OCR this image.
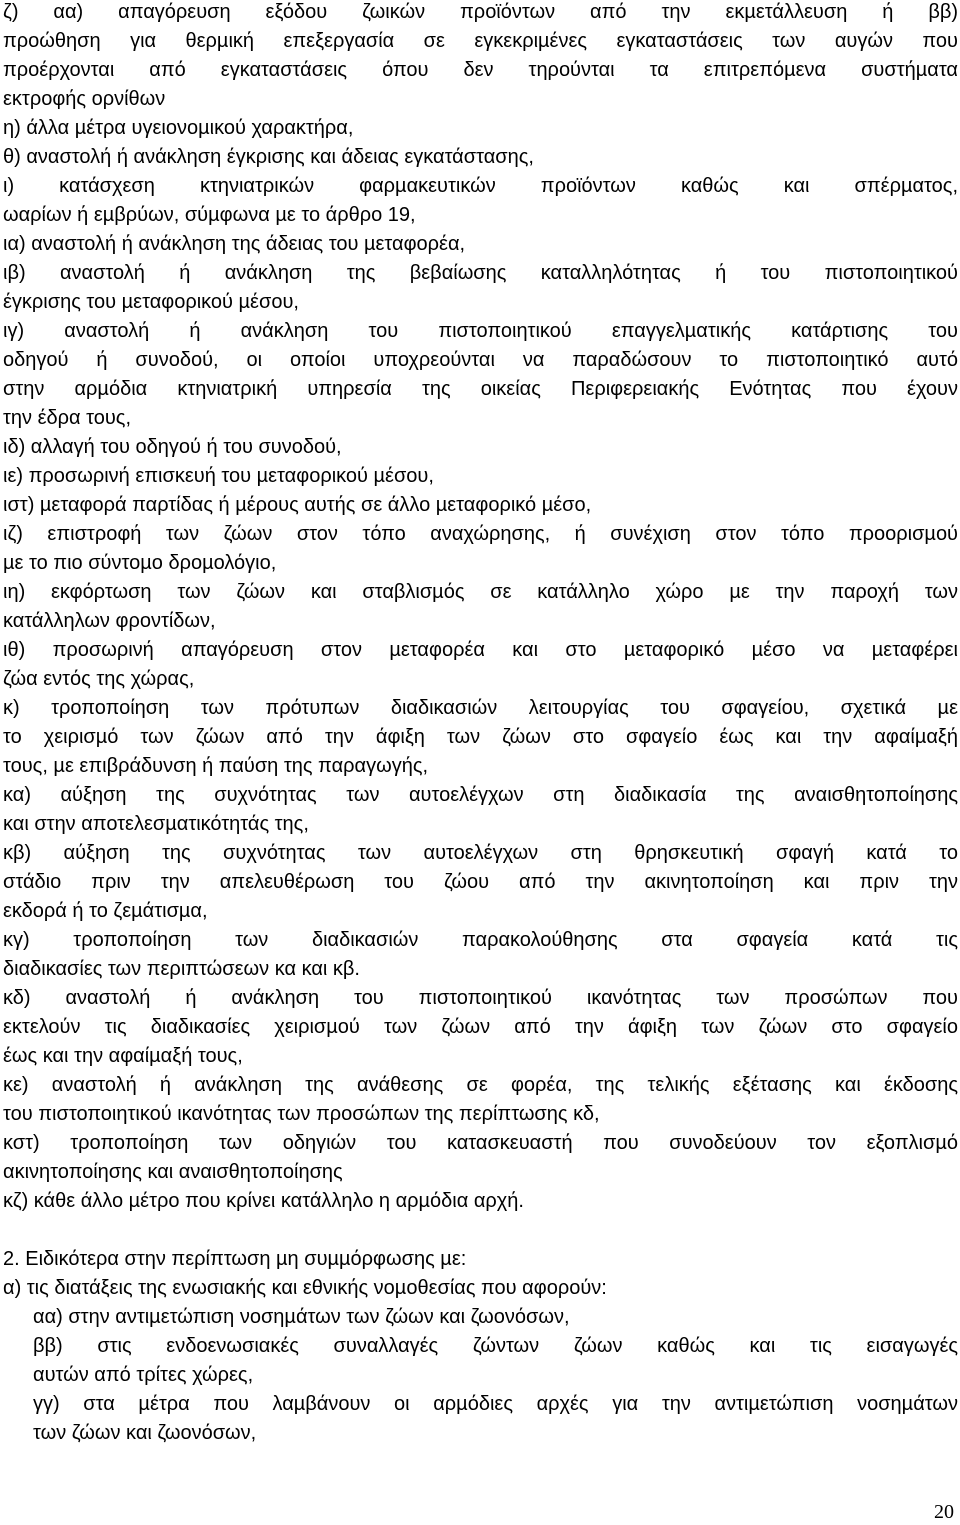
ζ) αα) απαγόρευση εξόδου ζωικών προϊόντων από την εκµετάλλευση ή ββ)
προώθηση για θερµική επεξεργασία σε εγκεκριµένες εγκαταστάσεις των αυγών που
προέρχονται από εγκαταστάσεις όπου δεν τηρούνται τα επιτρεπόµενα συστήµατα
εκτροφής ορνίθων
η) άλλα µέτρα υγειονοµικού χαρακτήρα,
θ) αναστολή ή ανάκληση έγκρισης και άδειας εγκατάστασης,
ι) κατάσχεση κτηνιατρικών φαρµακευτικών προϊόντων καθώς και σπέρµατος,
ωαρίων ή εµβρύων, σύµφωνα µε το άρθρο 19,
ια) αναστολή ή ανάκληση της άδειας του µεταφορέα,
ιβ) αναστολή ή ανάκληση της βεβαίωσης καταλληλότητας ή του πιστοποιητικού
έγκρισης του µεταφορικού µέσου,
ιγ) αναστολή ή ανάκληση του πιστοποιητικού επαγγελµατικής κατάρτισης του
οδηγού ή συνοδού, οι οποίοι υποχρεούνται να παραδώσουν το πιστοποιητικό αυτό
στην αρµόδια κτηνιατρική υπηρεσία της οικείας Περιφερειακής Ενότητας που έχουν
την έδρα τους,
ιδ) αλλαγή του οδηγού ή του συνοδού,
ιε) προσωρινή επισκευή του µεταφορικού µέσου,
ιστ) µεταφορά παρτίδας ή µέρους αυτής σε άλλο µεταφορικό µέσο,
ιζ) επιστροφή των ζώων στον τόπο αναχώρησης, ή συνέχιση στον τόπο προορισµού
µε το πιο σύντοµο δροµολόγιο,
ιη) εκφόρτωση των ζώων και σταβλισµός σε κατάλληλο χώρο µε την παροχή των
κατάλληλων φροντίδων,
ιθ) προσωρινή απαγόρευση στον µεταφορέα και στο µεταφορικό µέσο να µεταφέρει
ζώα εντός της χώρας,
κ) τροποποίηση των πρότυπων διαδικασιών λειτουργίας του σφαγείου, σχετικά µε
το χειρισµό των ζώων από την άφιξη των ζώων στο σφαγείο έως και την αφαίµαξή
τους, µε επιβράδυνση ή παύση της παραγωγής,
κα) αύξηση της συχνότητας των αυτοελέγχων στη διαδικασία της αναισθητοποίησης
και στην αποτελεσµατικότητάς της,
κβ) αύξηση της συχνότητας των αυτοελέγχων στη θρησκευτική σφαγή κατά το
στάδιο πριν την απελευθέρωση του ζώου από την ακινητοποίηση και πριν την
εκδορά ή το ζεµάτισµα,
κγ) τροποποίηση των διαδικασιών παρακολούθησης στα σφαγεία κατά τις
διαδικασίες των περιπτώσεων κα και κβ.
κδ) αναστολή ή ανάκληση του πιστοποιητικού ικανότητας των προσώπων που
εκτελούν τις διαδικασίες χειρισµού των ζώων από την άφιξη των ζώων στο σφαγείο
έως και την αφαίµαξή τους,
κε) αναστολή ή ανάκληση της ανάθεσης σε φορέα, της τελικής εξέτασης και έκδοσης
του πιστοποιητικού ικανότητας των προσώπων της περίπτωσης κδ,
κστ) τροποποίηση των οδηγιών του κατασκευαστή που συνοδεύουν τον εξοπλισµό
ακινητοποίησης και αναισθητοποίησης
κζ) κάθε άλλο µέτρο που κρίνει κατάλληλο η αρµόδια αρχή.
2. Ειδικότερα στην περίπτωση µη συµµόρφωσης µε:
α) τις διατάξεις της ενωσιακής και εθνικής νοµοθεσίας που αφορούν:
αα) στην αντιµετώπιση νοσηµάτων των ζώων και ζωονόσων,
ββ) στις ενδοενωσιακές συναλλαγές ζώντων ζώων καθώς και τις εισαγωγές
αυτών από τρίτες χώρες,
γγ) στα µέτρα που λαµβάνουν οι αρµόδιες αρχές για την αντιµετώπιση νοσηµάτων
των ζώων και ζωονόσων,
20
